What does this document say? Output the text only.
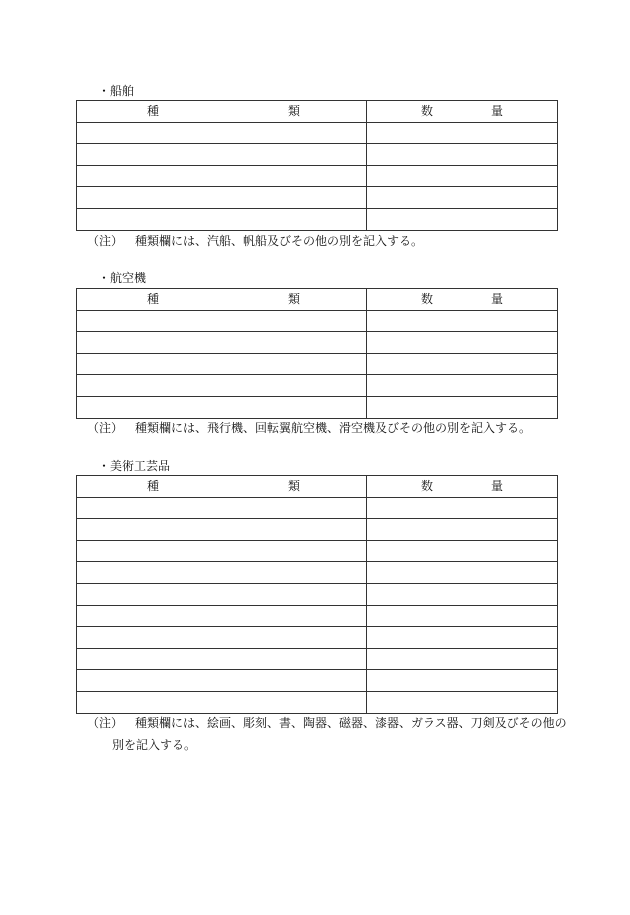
・船舶
種 類	数 量

（注） 種類欄には、汽船、帆船及びその他の別を記入する。
・航空機
種 類	数 量

（注） 種類欄には、飛行機、回転翼航空機、滑空機及びその他の別を記入する。
・美術工芸品
種 類	数 量

（注） 種類欄には、絵画、彫刻、書、陶器、磁器、漆器、ガラス器、刀剣及びその他の
別を記入する。
